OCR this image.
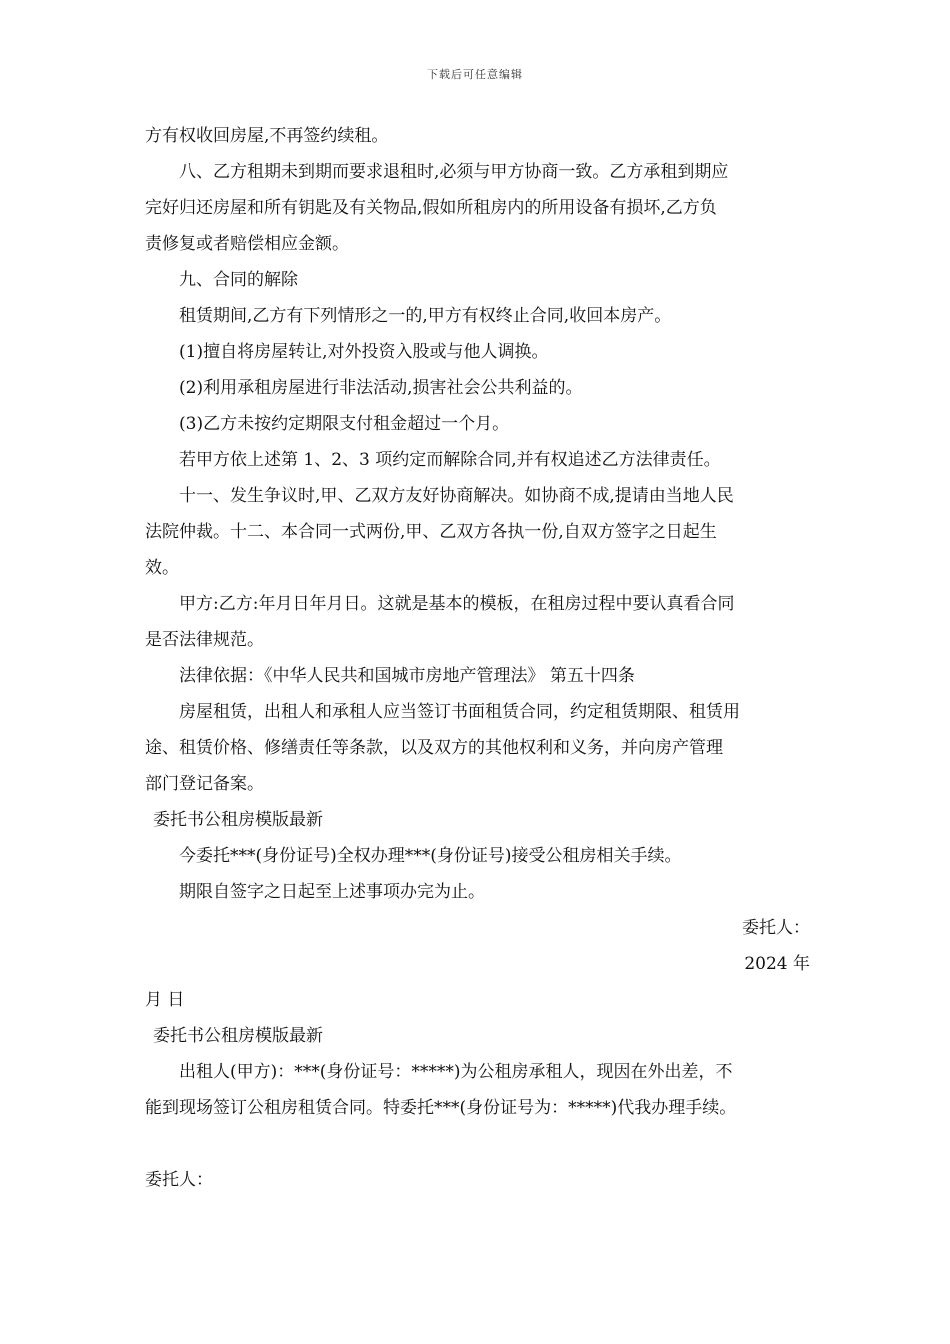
下载后可任意编辑
方有权收回房屋,不再签约续租。
八、乙方租期未到期而要求退租时,必须与甲方协商一致。乙方承租到期应
完好归还房屋和所有钥匙及有关物品,假如所租房内的所用设备有损坏,乙方负
责修复或者赔偿相应金额。
九、合同的解除
租赁期间,乙方有下列情形之一的,甲方有权终止合同,收回本房产。
(1)擅自将房屋转让,对外投资入股或与他人调换。
(2)利用承租房屋进行非法活动,损害社会公共利益的。
(3)乙方未按约定期限支付租金超过一个月。
若甲方依上述第 1、2、3 项约定而解除合同,并有权追述乙方法律责任。
十一、发生争议时,甲、乙双方友好协商解决。如协商不成,提请由当地人民
法院仲裁。十二、本合同一式两份,甲、乙双方各执一份,自双方签字之日起生
效。
甲方:乙方:年月日年月日。这就是基本的模板，在租房过程中要认真看合同
是否法律规范。
法律依据：《中华人民共和国城市房地产管理法》 第五十四条
房屋租赁，出租人和承租人应当签订书面租赁合同，约定租赁期限、租赁用
途、租赁价格、修缮责任等条款，以及双方的其他权利和义务，并向房产管理
部门登记备案。
委托书公租房模版最新
今委托***(身份证号)全权办理***(身份证号)接受公租房相关手续。
期限自签字之日起至上述事项办完为止。
委托人：
2024 年
月 日
委托书公租房模版最新
出租人(甲方)：***(身份证号：*****)为公租房承租人，现因在外出差，不
能到现场签订公租房租赁合同。特委托***(身份证号为：*****)代我办理手续。
委托人：
